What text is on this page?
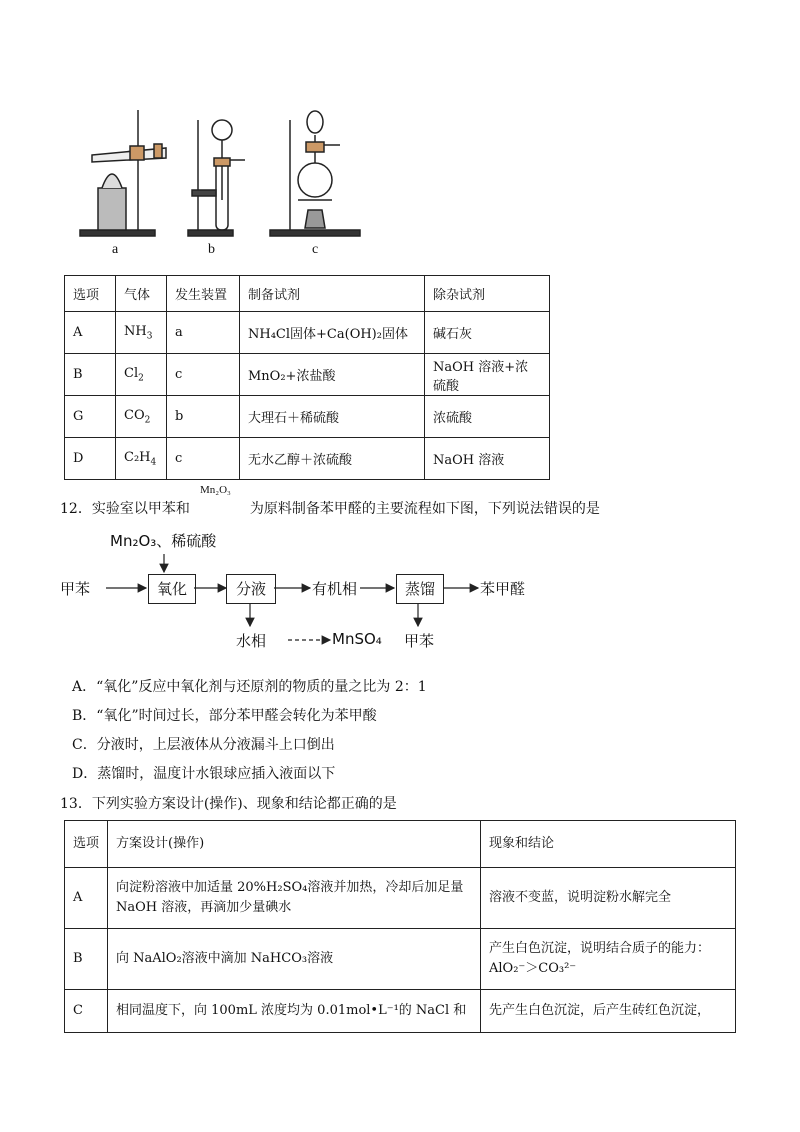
a	b	c
选项	气体	发生装置	制备试剂	除杂试剂
A	$NH_3$	a	NH₄Cl固体+Ca(OH)₂固体	碱石灰
B	$Cl_2$	c	MnO₂+浓盐酸	NaOH 溶液+浓硫酸
G	$CO_2$	b	大理石＋稀硫酸	浓硫酸
D	$C_2H_4$	c	无水乙醇＋浓硫酸	NaOH 溶液
Mn₂O₃
12．实验室以甲苯和	为原料制备苯甲醛的主要流程如下图，下列说法错误的是
Mn₂O₃、稀硫酸
甲苯	氧化	分液	有机相	蒸馏	苯甲醛
水相	MnSO₄ 甲苯
A．“氧化”反应中氧化剂与还原剂的物质的量之比为 2：1
B．“氧化”时间过长，部分苯甲醛会转化为苯甲酸
C．分液时，上层液体从分液漏斗上口倒出
D．蒸馏时，温度计水银球应插入液面以下
13．下列实验方案设计(操作)、现象和结论都正确的是
选项	方案设计(操作)	现象和结论
A	向淀粉溶液中加适量 20%H₂SO₄溶液并加热，冷却后加足量 NaOH 溶液，再滴加少量碘水	溶液不变蓝，说明淀粉水解完全
B	向 NaAlO₂溶液中滴加 NaHCO₃溶液	产生白色沉淀，说明结合质子的能力：AlO₂⁻＞CO₃²⁻
C	相同温度下，向 100mL 浓度均为 0.01mol•L⁻¹的 NaCl 和	先产生白色沉淀，后产生砖红色沉淀，
